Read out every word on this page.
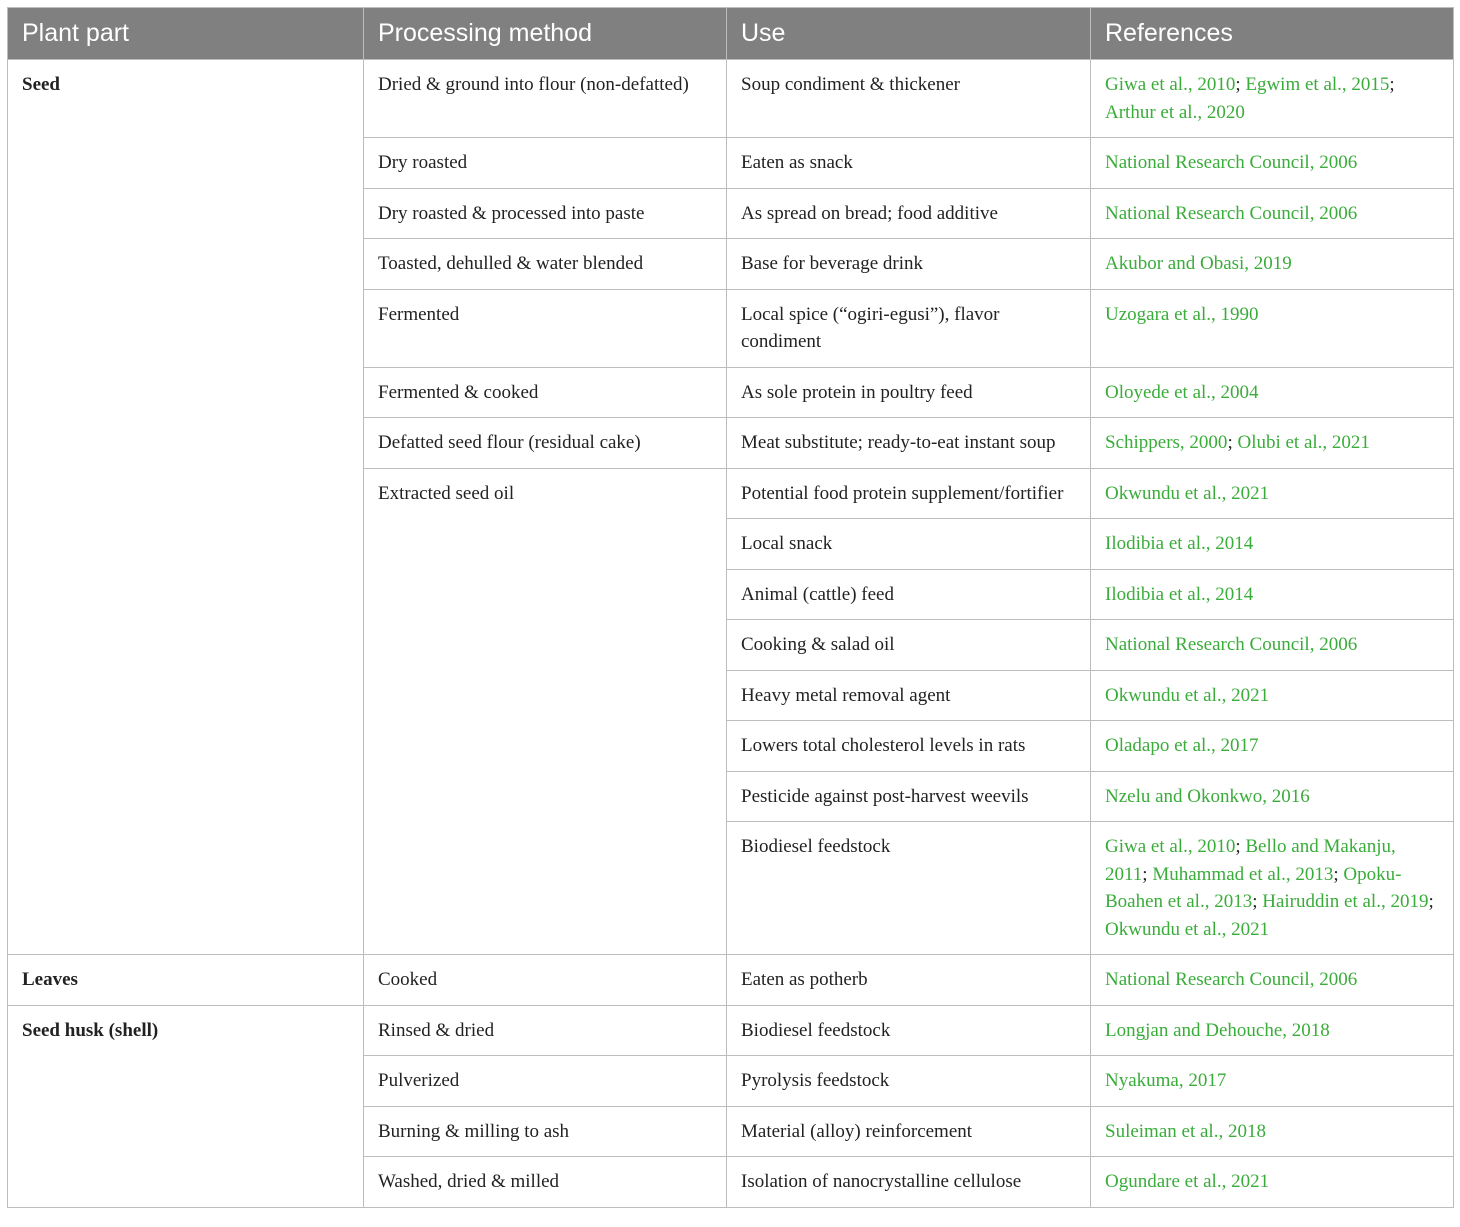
Plant part	Processing method	Use	References
Seed	Dried & ground into flour (non-defatted)	Soup condiment & thickener	Giwa et al., 2010; Egwim et al., 2015; Arthur et al., 2020
	Dry roasted	Eaten as snack	National Research Council, 2006
	Dry roasted & processed into paste	As spread on bread; food additive	National Research Council, 2006
	Toasted, dehulled & water blended	Base for beverage drink	Akubor and Obasi, 2019
	Fermented	Local spice (“ogiri-egusi”), flavor condiment	Uzogara et al., 1990
	Fermented & cooked	As sole protein in poultry feed	Oloyede et al., 2004
	Defatted seed flour (residual cake)	Meat substitute; ready-to-eat instant soup	Schippers, 2000; Olubi et al., 2021
	Extracted seed oil	Potential food protein supplement/fortifier	Okwundu et al., 2021
		Local snack	Ilodibia et al., 2014
		Animal (cattle) feed	Ilodibia et al., 2014
		Cooking & salad oil	National Research Council, 2006
		Heavy metal removal agent	Okwundu et al., 2021
		Lowers total cholesterol levels in rats	Oladapo et al., 2017
		Pesticide against post-harvest weevils	Nzelu and Okonkwo, 2016
		Biodiesel feedstock	Giwa et al., 2010; Bello and Makanju, 2011; Muhammad et al., 2013; Opoku-Boahen et al., 2013; Hairuddin et al., 2019; Okwundu et al., 2021
Leaves	Cooked	Eaten as potherb	National Research Council, 2006
Seed husk (shell)	Rinsed & dried	Biodiesel feedstock	Longjan and Dehouche, 2018
	Pulverized	Pyrolysis feedstock	Nyakuma, 2017
	Burning & milling to ash	Material (alloy) reinforcement	Suleiman et al., 2018
	Washed, dried & milled	Isolation of nanocrystalline cellulose	Ogundare et al., 2021
